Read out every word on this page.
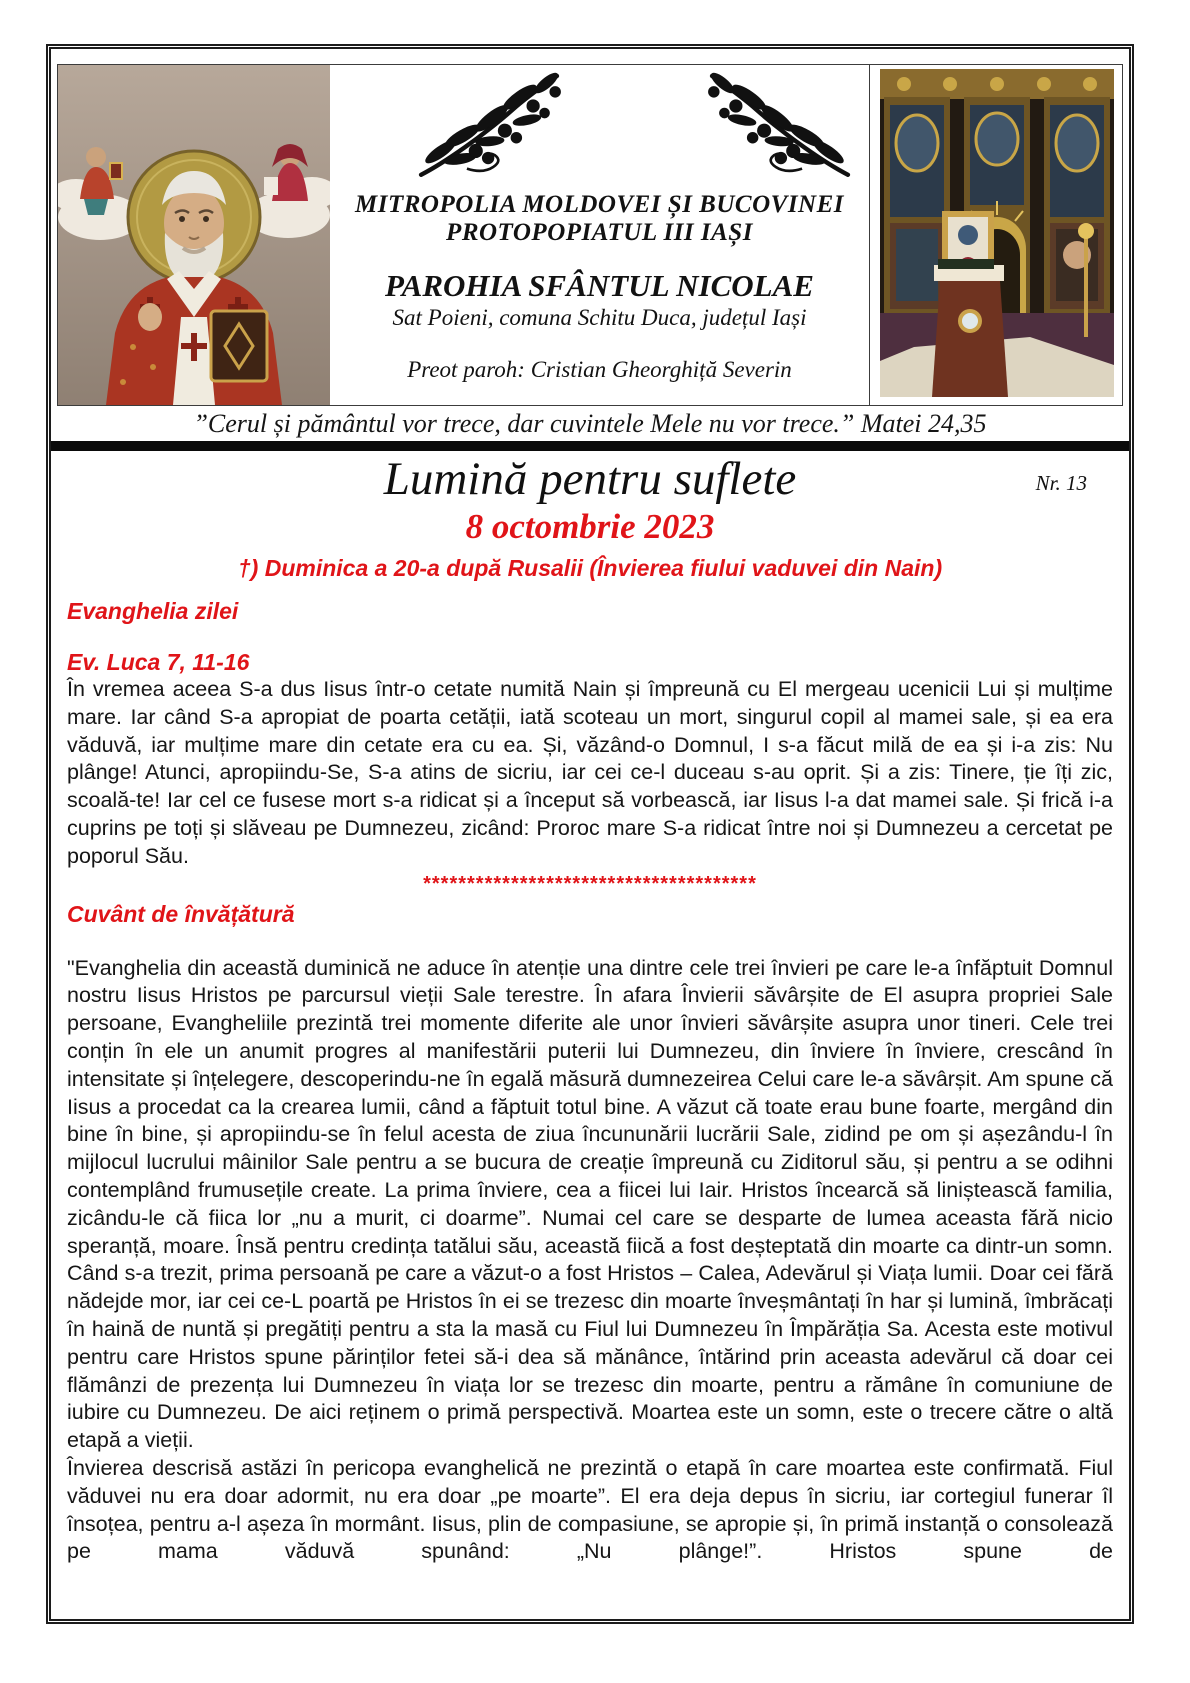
MITROPOLIA MOLDOVEI ȘI BUCOVINEI
PROTOPOPIATUL III IAȘI
PAROHIA SFÂNTUL NICOLAE
Sat Poieni, comuna Schitu Duca, județul Iași
Preot paroh: Cristian Gheorghiță Severin
”Cerul și pământul vor trece, dar cuvintele Mele nu vor trece.” Matei 24,35
Lumină pentru suflete	Nr. 13
8 octombrie 2023
†) Duminica a 20-a după Rusalii (Învierea fiului vaduvei din Nain)
Evanghelia zilei
Ev. Luca 7, 11-16

În vremea aceea S-a dus Iisus într-o cetate numită Nain și împreună cu El mergeau ucenicii Lui și mulțime mare. Iar când S-a apropiat de poarta cetății, iată scoteau un mort, singurul copil al mamei sale, și ea era văduvă, iar mulțime mare din cetate era cu ea. Și, văzând-o Domnul, I s-a făcut milă de ea și i-a zis: Nu plânge! Atunci, apropiindu-Se, S-a atins de sicriu, iar cei ce-l duceau s-au oprit. Și a zis: Tinere, ție îți zic, scoală-te! Iar cel ce fusese mort s-a ridicat și a început să vorbească, iar Iisus l-a dat mamei sale. Și frică i-a cuprins pe toți și slăveau pe Dumnezeu, zicând: Proroc mare S-a ridicat între noi și Dumnezeu a cercetat pe poporul Său.

**************************************
Cuvânt de învățătură

"Evanghelia din această duminică ne aduce în atenție una dintre cele trei învieri pe care le-a înfăptuit Domnul nostru Iisus Hristos pe parcursul vieții Sale terestre. În afara Învierii săvârșite de El asupra propriei Sale persoane, Evangheliile prezintă trei momente diferite ale unor învieri săvârșite asupra unor tineri. Cele trei conțin în ele un anumit progres al manifestării puterii lui Dumnezeu, din înviere în înviere, crescând în intensitate și înțelegere, descoperindu-ne în egală măsură dumnezeirea Celui care le-a săvârșit. Am spune că Iisus a procedat ca la crearea lumii, când a făptuit totul bine. A văzut că toate erau bune foarte, mergând din bine în bine, și apropiindu-se în felul acesta de ziua încununării lucrării Sale, zidind pe om și așezându-l în mijlocul lucrului mâinilor Sale pentru a se bucura de creație împreună cu Ziditorul său, și pentru a se odihni contemplând frumusețile create. La prima înviere, cea a fiicei lui Iair. Hristos încearcă să liniștească familia, zicându-le că fiica lor „nu a murit, ci doarme”. Numai cel care se desparte de lumea aceasta fără nicio speranță, moare. Însă pentru credința tatălui său, această fiică a fost deșteptată din moarte ca dintr-un somn. Când s-a trezit, prima persoană pe care a văzut-o a fost Hristos – Calea, Adevărul și Viața lumii. Doar cei fără nădejde mor, iar cei ce-L poartă pe Hristos în ei se trezesc din moarte înveșmântați în har și lumină, îmbrăcați în haină de nuntă și pregătiți pentru a sta la masă cu Fiul lui Dumnezeu în Împărăția Sa. Acesta este motivul pentru care Hristos spune părinților fetei să-i dea să mănânce, întărind prin aceasta adevărul că doar cei flămânzi de prezența lui Dumnezeu în viața lor se trezesc din moarte, pentru a rămâne în comuniune de iubire cu Dumnezeu. De aici reținem o primă perspectivă. Moartea este un somn, este o trecere către o altă etapă a vieții.

Învierea descrisă astăzi în pericopa evanghelică ne prezintă o etapă în care moartea este confirmată. Fiul văduvei nu era doar adormit, nu era doar „pe moarte”. El era deja depus în sicriu, iar cortegiul funerar îl însoțea, pentru a-l așeza în mormânt. Iisus, plin de compasiune, se apropie și, în primă instanță o consolează pe mama văduvă spunând: „Nu plânge!”. Hristos spune de
